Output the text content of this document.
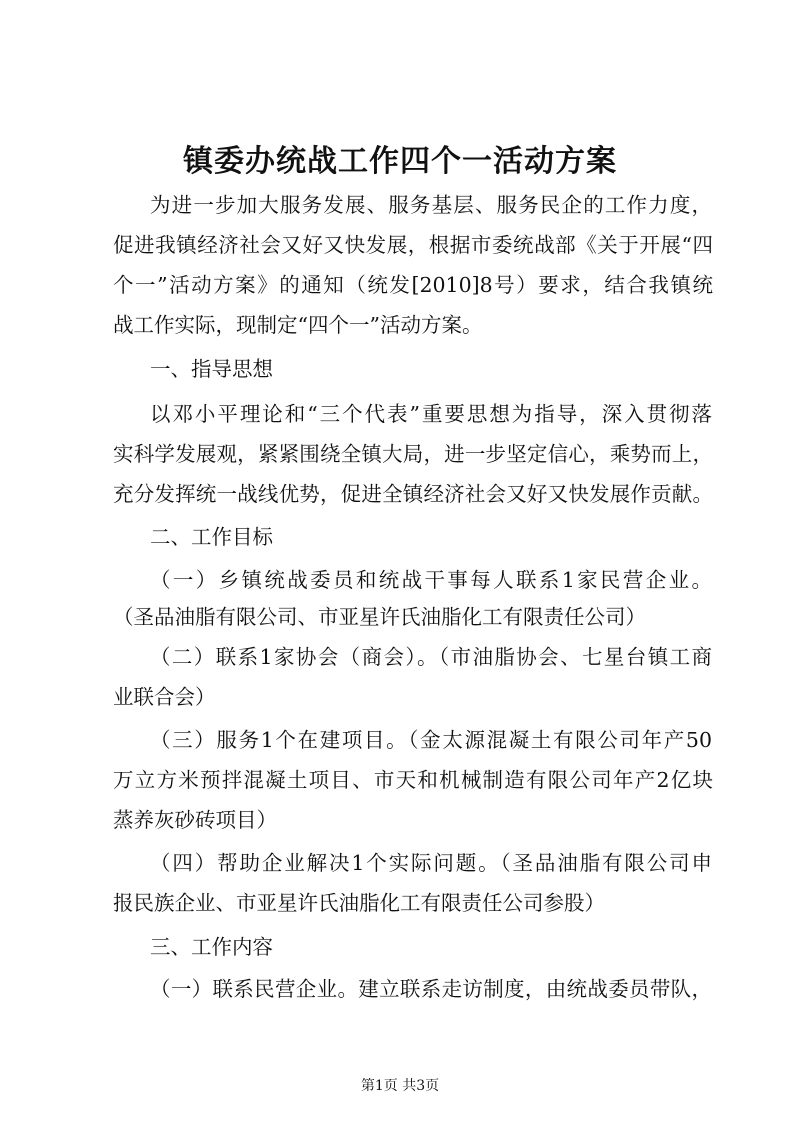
镇委办统战工作四个一活动方案
为进一步加大服务发展、服务基层、服务民企的工作力度，
促进我镇经济社会又好又快发展，根据市委统战部《关于开展“四
个一”活动方案》的通知（统发[2010]8号）要求，结合我镇统
战工作实际，现制定“四个一”活动方案。
一、指导思想
以邓小平理论和“三个代表”重要思想为指导，深入贯彻落
实科学发展观，紧紧围绕全镇大局，进一步坚定信心，乘势而上，
充分发挥统一战线优势，促进全镇经济社会又好又快发展作贡献。
二、工作目标
（一）乡镇统战委员和统战干事每人联系1家民营企业。
（圣品油脂有限公司、市亚星许氏油脂化工有限责任公司）
（二）联系1家协会（商会）。（市油脂协会、七星台镇工商
业联合会）
（三）服务1个在建项目。（金太源混凝土有限公司年产50
万立方米预拌混凝土项目、市天和机械制造有限公司年产2亿块
蒸养灰砂砖项目）
（四）帮助企业解决1个实际问题。（圣品油脂有限公司申
报民族企业、市亚星许氏油脂化工有限责任公司参股）
三、工作内容
（一）联系民营企业。建立联系走访制度，由统战委员带队，
第1页 共3页
